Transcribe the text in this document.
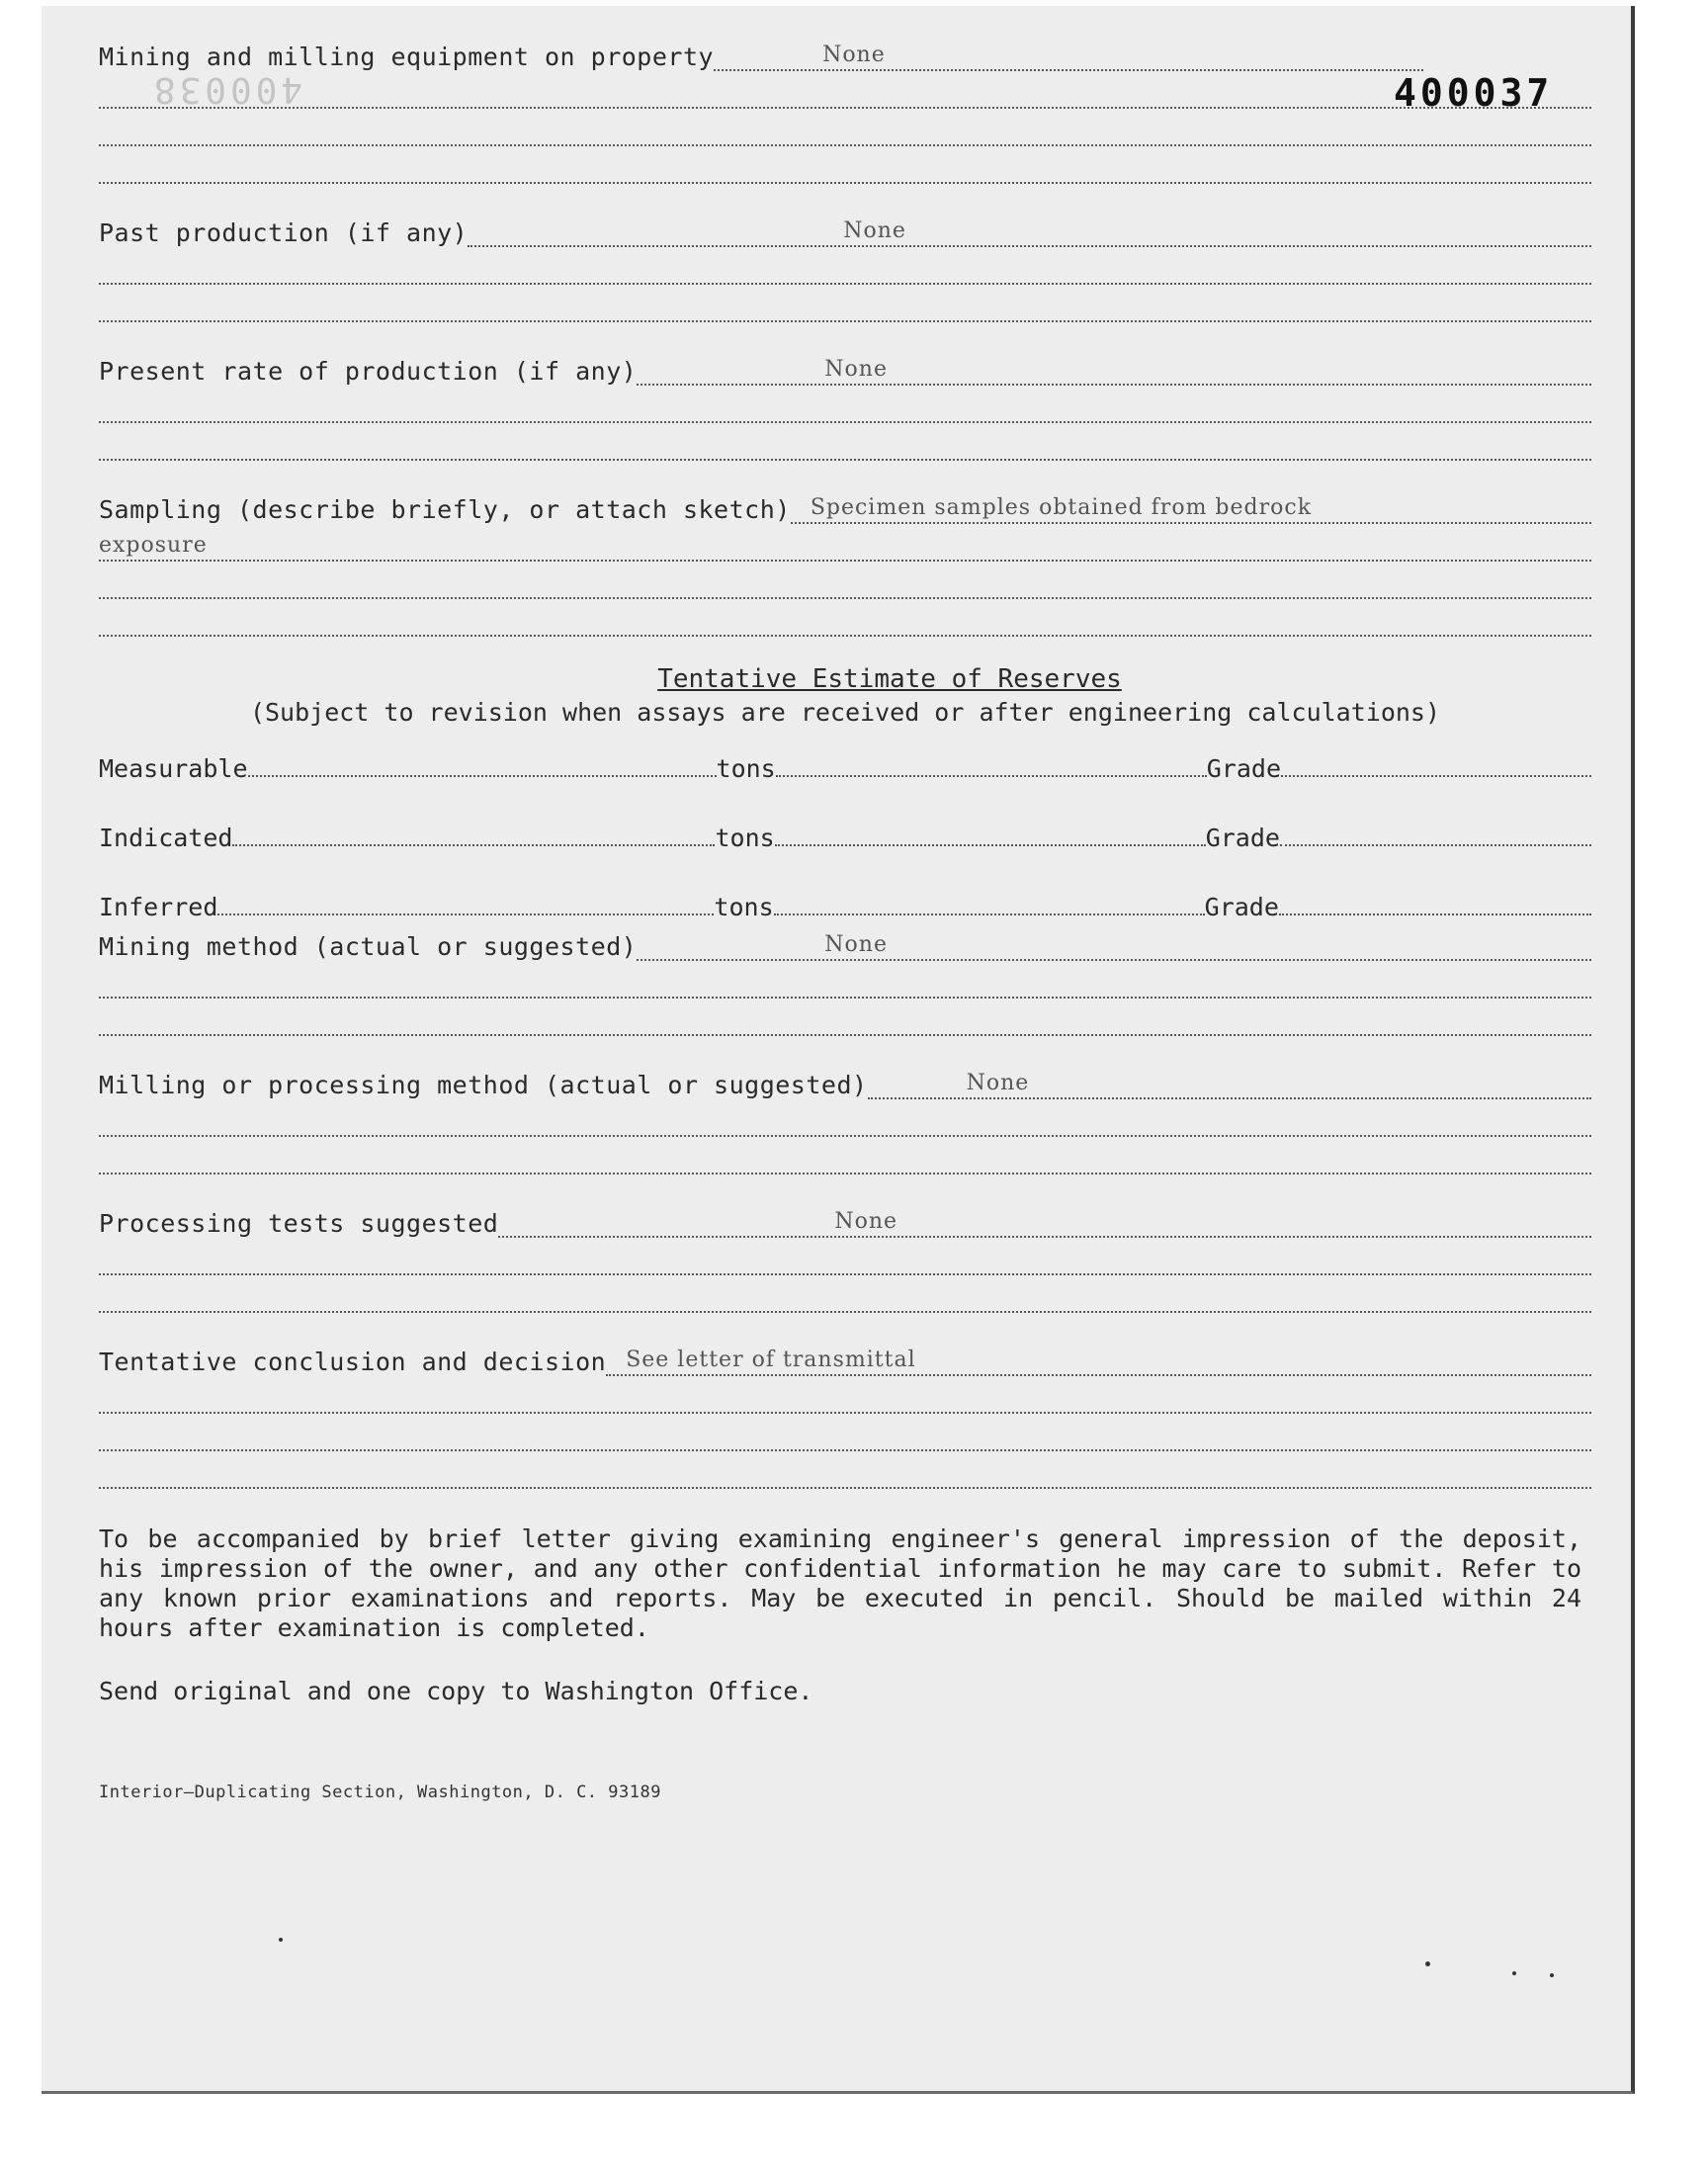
400038	400037
Mining and milling equipment on property	None
Past production (if any)	None
Present rate of production (if any)	None
Sampling (describe briefly, or attach sketch) Specimen samples obtained from bedrock
exposure
Tentative Estimate of Reserves
(Subject to revision when assays are received or after engineering calculations)
Measurable	tons	Grade
Indicated	tons	Grade
Inferred	tons	Grade
Mining method (actual or suggested)	None
Milling or processing method (actual or suggested)	None
Processing tests suggested	None
Tentative conclusion and decision See letter of transmittal
To be accompanied by brief letter giving examining engineer's general impression of the deposit, his impression of the owner, and any other confidential information he may care to submit. Refer to any known prior examinations and reports. May be executed in pencil. Should be mailed within 24 hours after examination is completed.
Send original and one copy to Washington Office.
Interior—Duplicating Section, Washington, D. C. 93189
